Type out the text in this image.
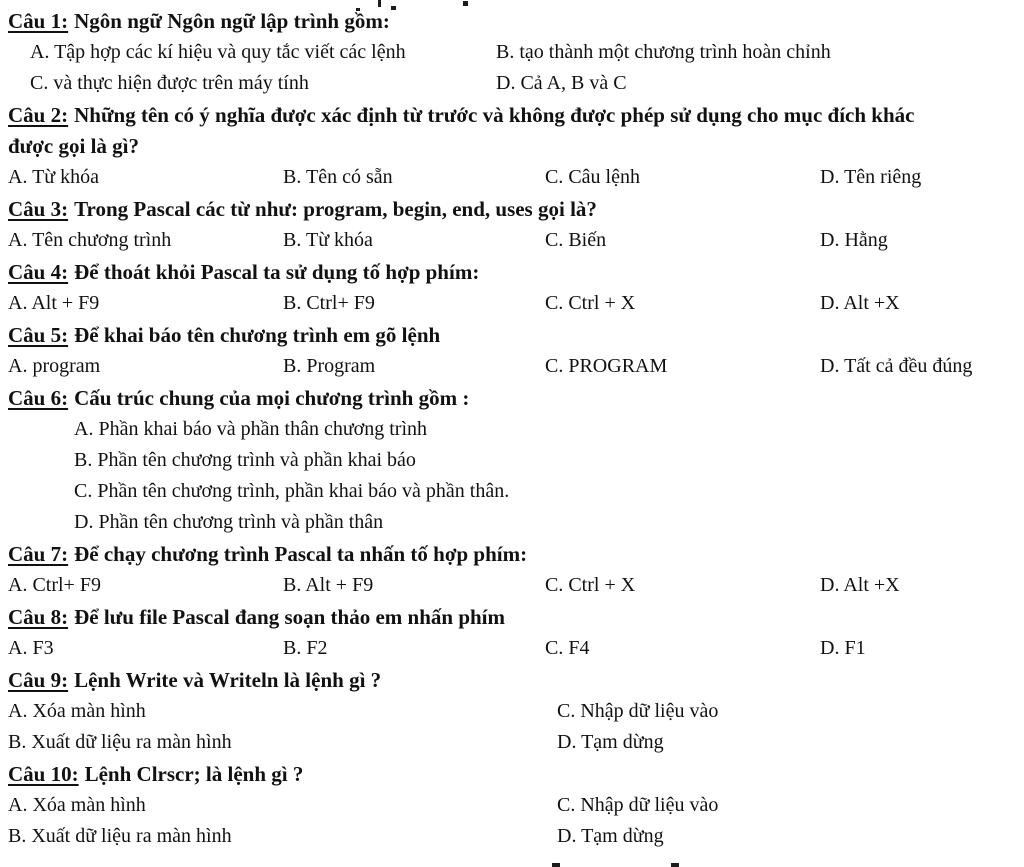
Câu 1: Ngôn ngữ Ngôn ngữ lập trình gồm:
A. Tập hợp các kí hiệu và quy tắc viết các lệnh	B. tạo thành một chương trình hoàn chỉnh
C. và thực hiện được trên máy tính	D. Cả A, B và C
Câu 2: Những tên có ý nghĩa được xác định từ trước và không được phép sử dụng cho mục đích khác
được gọi là gì?
A. Từ khóa	B. Tên có sẵn	C. Câu lệnh	D. Tên riêng
Câu 3: Trong Pascal các từ như: program, begin, end, uses gọi là?
A. Tên chương trình	B. Từ khóa	C. Biến	D. Hằng
Câu 4: Để thoát khỏi Pascal ta sử dụng tố hợp phím:
A. Alt + F9	B. Ctrl+ F9	C. Ctrl + X	D. Alt +X
Câu 5: Để khai báo tên chương trình em gõ lệnh
A. program	B. Program	C. PROGRAM	D. Tất cả đều đúng
Câu 6: Cấu trúc chung của mọi chương trình gồm :
A. Phần khai báo và phần thân chương trình
B. Phần tên chương trình và phần khai báo
C. Phần tên chương trình, phần khai báo và phần thân.
D. Phần tên chương trình và phần thân
Câu 7: Để chạy chương trình Pascal ta nhấn tố hợp phím:
A. Ctrl+ F9	B. Alt + F9	C. Ctrl + X	D. Alt +X
Câu 8: Để lưu file Pascal đang soạn thảo em nhấn phím
A. F3	B. F2	C. F4	D. F1
Câu 9: Lệnh Write và Writeln là lệnh gì ?
A. Xóa màn hình	C. Nhập dữ liệu vào
B. Xuất dữ liệu ra màn hình	D. Tạm dừng
Câu 10: Lệnh Clrscr; là lệnh gì ?
A. Xóa màn hình	C. Nhập dữ liệu vào
B. Xuất dữ liệu ra màn hình	D. Tạm dừng
